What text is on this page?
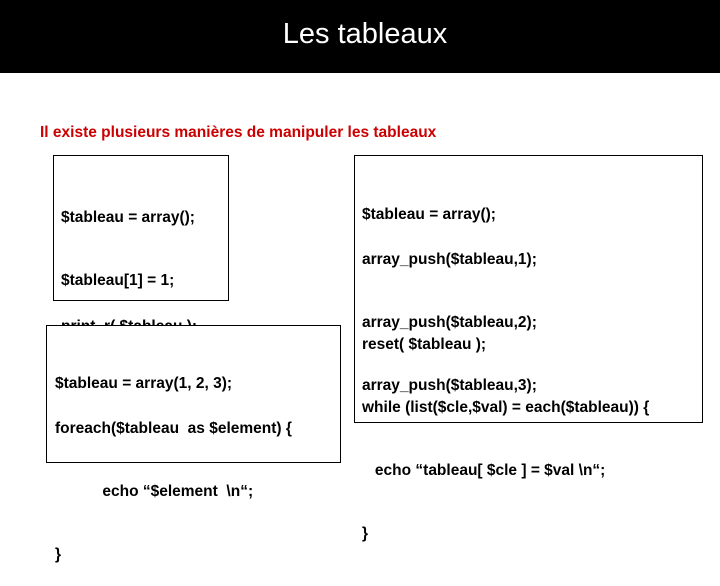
Les tableaux
Il existe plusieurs manières de manipuler les tableaux

$tableau = array();

$tableau[1] = 1;

$tableau = array(1, 2, 3);

foreach($tableau  as $element) {

echo “$element  \n“;

}

$tableau = array();

array_push($tableau,1);

array_push($tableau,2);

array_push($tableau,3);

reset( $tableau );

while (list($cle,$val) = each($tableau)) {

echo “tableau[ $cle ] = $val \n“;

}
